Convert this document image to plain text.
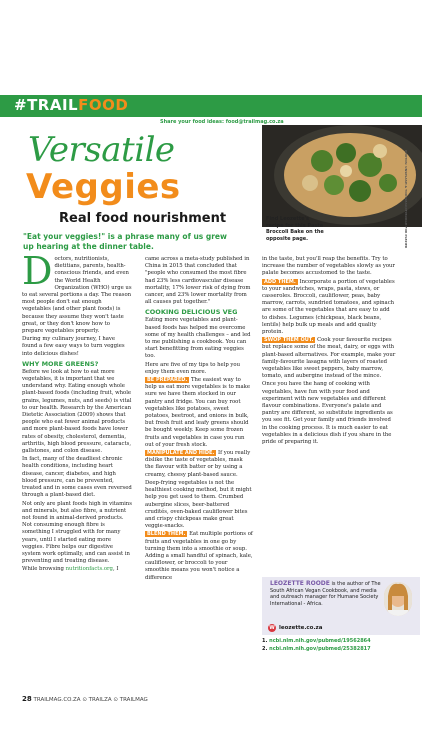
#TRAILFOOD
Share your food ideas: food@trailmag.co.za
Find Leozette's recipe for this Pasta Broccoli Bake on the opposite page.	PHOTOS: UNSPLASH & TOUSSEAU/MYBURGH FOR PLEZIER
Versatile
Veggies
Real food nourishment
"Eat your veggies!" is a phrase many of us grew up hearing at the dinner table.

Doctors, nutritionists, dietitians, parents, health-conscious friends, and even the World Health Organization (WHO) urge us to eat several portions a day. The reason most people don't eat enough vegetables (and other plant foods) is because they assume they won't taste great, or they don't know how to prepare vegetables properly.

During my culinary journey, I have found a few easy ways to turn veggies into delicious dishes!

WHY MORE GREENS?

Before we look at how to eat more vegetables, it is important that we understand why. Eating enough whole plant-based foods (including fruit, whole grains, legumes, nuts, and seeds) is vital to our health. Research by the American Dietetic Association (2009) shows that people who eat fewer animal products and more plant-based foods have lower rates of obesity, cholesterol, dementia, arthritis, high blood pressure, cataracts, gallstones, and colon disease.

In fact, many of the deadliest chronic health conditions, including heart disease, cancer, diabetes, and high blood pressure, can be prevented, treated and in some cases even reversed through a plant-based diet.

Not only are plant foods high in vitamins and minerals, but also fibre, a nutrient not found in animal-derived products. Not consuming enough fibre is something I struggled with for many years, until I started eating more veggies. Fibre helps our digestive system work optimally, and can assist in preventing and treating disease.

While browsing nutritionfacts.org, I

came across a meta-study published in China in 2015 that concluded that "people who consumed the most fibre had 23% less cardiovascular disease mortality, 17% lower risk of dying from cancer, and 23% lower mortality from all causes put together."

COOKING DELICIOUS VEG

Eating more vegetables and plant-based foods has helped me overcome some of my health challenges – and led to me publishing a cookbook. You can start benefitting from eating veggies too.

Here are five of my tips to help you enjoy them even more.

BE PREPARED. The easiest way to help us eat more vegetables is to make sure we have them stocked in our pantry and fridge. You can buy root vegetables like potatoes, sweet potatoes, beetroot, and onions in bulk, but fresh fruit and leafy greens should be bought weekly. Keep some frozen fruits and vegetables in case you run out of your fresh stock.

MANIPULATE AND HIDE. If you really dislike the taste of vegetables, mask the flavour with batter or by using a creamy, cheesy plant-based sauce.

Deep-frying vegetables is not the healthiest cooking method, but it might help you get used to them. Crumbed aubergine slices, beer-battered crudités, oven-baked cauliflower bites and crispy chickpeas make great veggie-snacks.

BLEND THEM. Eat multiple portions of fruits and vegetables in one go by turning them into a smoothie or soup. Adding a small handful of spinach, kale, cauliflower, or broccoli to your smoothie means you won't notice a difference

in the taste, but you'll reap the benefits. Try to increase the number of vegetables slowly as your palate becomes accustomed to the taste.

ADD THEM. Incorporate a portion of vegetables to your sandwiches, wraps, pasta, stews, or casseroles. Broccoli, cauliflower, peas, baby marrow, carrots, sundried tomatoes, and spinach are some of the vegetables that are easy to add to dishes. Legumes (chickpeas, black beans, lentils) help bulk up meals and add quality protein.

SWOP THEM OUT. Cook your favourite recipes but replace some of the meat, dairy, or eggs with plant-based alternatives. For example, make your family-favourite lasagna with layers of roasted vegetables like sweet peppers, baby marrow, tomato, and aubergine instead of the mince.

Once you have the hang of cooking with vegetables, have fun with your food and experiment with new vegetables and different flavour combinations. Everyone's palate and pantry are different, so substitute ingredients as you see fit. Get your family and friends involved in the cooking process. It is much easier to eat vegetables in a delicious dish if you share in the pride of preparing it.

LEOZETTE ROODE is the author of The South African Vegan Cookbook, and media and outreach manager for Humane Society International - Africa.
W leozette.co.za
1. ncbi.nlm.nih.gov/pubmed/19562864
2. ncbi.nlm.nih.gov/pubmed/25382817
28 TRAILMAG.CO.ZA ⊙ TRAILZA ⊙ TRAILMAG
